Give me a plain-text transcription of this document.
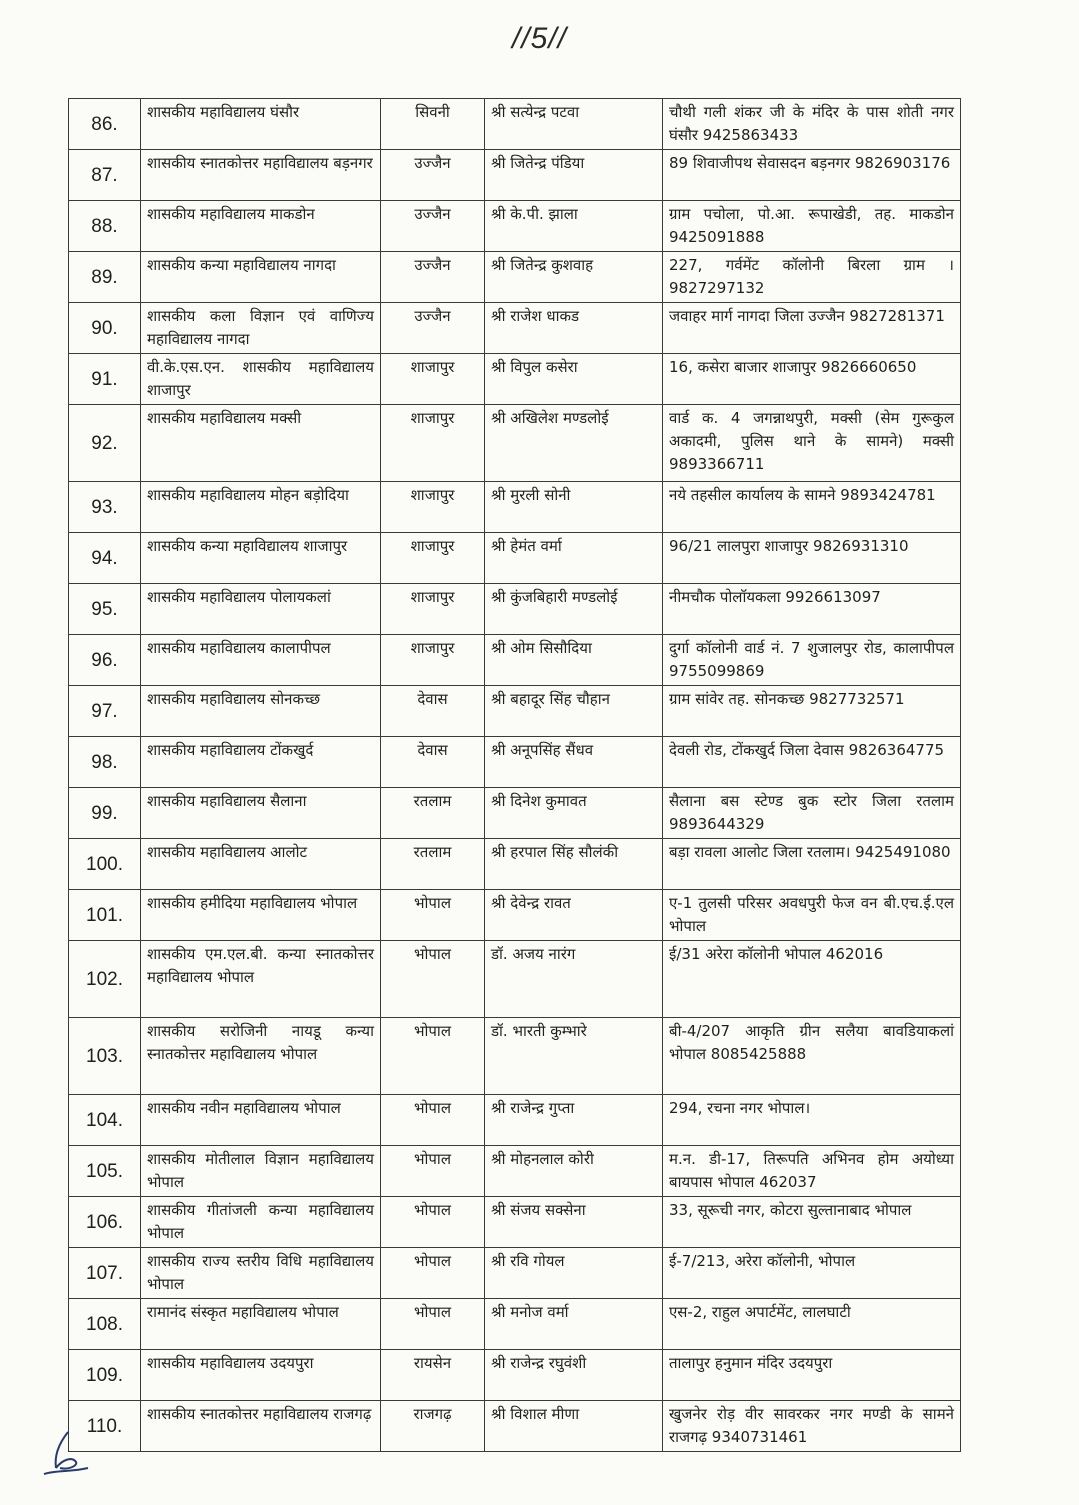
//5//
86.	शासकीय महाविद्यालय घंसौर	सिवनी	श्री सत्येन्द्र पटवा	चौथी गली शंकर जी के मंदिर के पास शोती नगर घंसौर 9425863433
87.	शासकीय स्नातकोत्तर महाविद्यालय बड़नगर	उज्जैन	श्री जितेन्द्र पंडिया	89 शिवाजीपथ सेवासदन बड़नगर 9826903176
88.	शासकीय महाविद्यालय माकडोन	उज्जैन	श्री के.पी. झाला	ग्राम पचोला, पो.आ. रूपाखेडी, तह. माकडोन 9425091888
89.	शासकीय कन्या महाविद्यालय नागदा	उज्जैन	श्री जितेन्द्र कुशवाह	227, गर्वमेंट कॉलोनी बिरला ग्राम । 9827297132
90.	शासकीय कला विज्ञान एवं वाणिज्य महाविद्यालय नागदा	उज्जैन	श्री राजेश धाकड	जवाहर मार्ग नागदा जिला उज्जैन 9827281371
91.	वी.के.एस.एन. शासकीय महाविद्यालय शाजापुर	शाजापुर	श्री विपुल कसेरा	16, कसेरा बाजार शाजापुर 9826660650
92.	शासकीय महाविद्यालय मक्सी	शाजापुर	श्री अखिलेश मण्डलोई	वार्ड क. 4 जगन्नाथपुरी, मक्सी (सेम गुरूकुल अकादमी, पुलिस थाने के सामने) मक्सी 9893366711
93.	शासकीय महाविद्यालय मोहन बड़ोदिया	शाजापुर	श्री मुरली सोनी	नये तहसील कार्यालय के सामने 9893424781
94.	शासकीय कन्या महाविद्यालय शाजापुर	शाजापुर	श्री हेमंत वर्मा	96/21 लालपुरा शाजापुर 9826931310
95.	शासकीय महाविद्यालय पोलायकलां	शाजापुर	श्री कुंजबिहारी मण्डलोई	नीमचौक पोलॉयकला 9926613097
96.	शासकीय महाविद्यालय कालापीपल	शाजापुर	श्री ओम सिसौदिया	दुर्गा कॉलोनी वार्ड नं. 7 शुजालपुर रोड, कालापीपल 9755099869
97.	शासकीय महाविद्यालय सोनकच्छ	देवास	श्री बहादूर सिंह चौहान	ग्राम सांवेर तह. सोनकच्छ 9827732571
98.	शासकीय महाविद्यालय टोंकखुर्द	देवास	श्री अनूपसिंह सैंधव	देवली रोड, टोंकखुर्द जिला देवास 9826364775
99.	शासकीय महाविद्यालय सैलाना	रतलाम	श्री दिनेश कुमावत	सैलाना बस स्टेण्ड बुक स्टोर जिला रतलाम 9893644329
100.	शासकीय महाविद्यालय आलोट	रतलाम	श्री हरपाल सिंह सौलंकी	बड़ा रावला आलोट जिला रतलाम। 9425491080
101.	शासकीय हमीदिया महाविद्यालय भोपाल	भोपाल	श्री देवेन्द्र रावत	ए-1 तुलसी परिसर अवधपुरी फेज वन बी.एच.ई.एल भोपाल
102.	शासकीय एम.एल.बी. कन्या स्नातकोत्तर महाविद्यालय भोपाल	भोपाल	डॉ. अजय नारंग	ई/31 अरेरा कॉलोनी भोपाल 462016
103.	शासकीय सरोजिनी नायडू कन्या स्नातकोत्तर महाविद्यालय भोपाल	भोपाल	डॉ. भारती कुम्भारे	बी-4/207 आकृति ग्रीन सलैया बावडियाकलां भोपाल 8085425888
104.	शासकीय नवीन महाविद्यालय भोपाल	भोपाल	श्री राजेन्द्र गुप्ता	294, रचना नगर भोपाल।
105.	शासकीय मोतीलाल विज्ञान महाविद्यालय भोपाल	भोपाल	श्री मोहनलाल कोरी	म.न. डी-17, तिरूपति अभिनव होम अयोध्या बायपास भोपाल 462037
106.	शासकीय गीतांजली कन्या महाविद्यालय भोपाल	भोपाल	श्री संजय सक्सेना	33, सूरूची नगर, कोटरा सुल्तानाबाद भोपाल
107.	शासकीय राज्य स्तरीय विधि महाविद्यालय भोपाल	भोपाल	श्री रवि गोयल	ई-7/213, अरेरा कॉलोनी, भोपाल
108.	रामानंद संस्कृत महाविद्यालय भोपाल	भोपाल	श्री मनोज वर्मा	एस-2, राहुल अपार्टमेंट, लालघाटी
109.	शासकीय महाविद्यालय उदयपुरा	रायसेन	श्री राजेन्द्र रघुवंशी	तालापुर हनुमान मंदिर उदयपुरा
110.	शासकीय स्नातकोत्तर महाविद्यालय राजगढ़	राजगढ़	श्री विशाल मीणा	खुजनेर रोड़ वीर सावरकर नगर मण्डी के सामने राजगढ़ 9340731461
